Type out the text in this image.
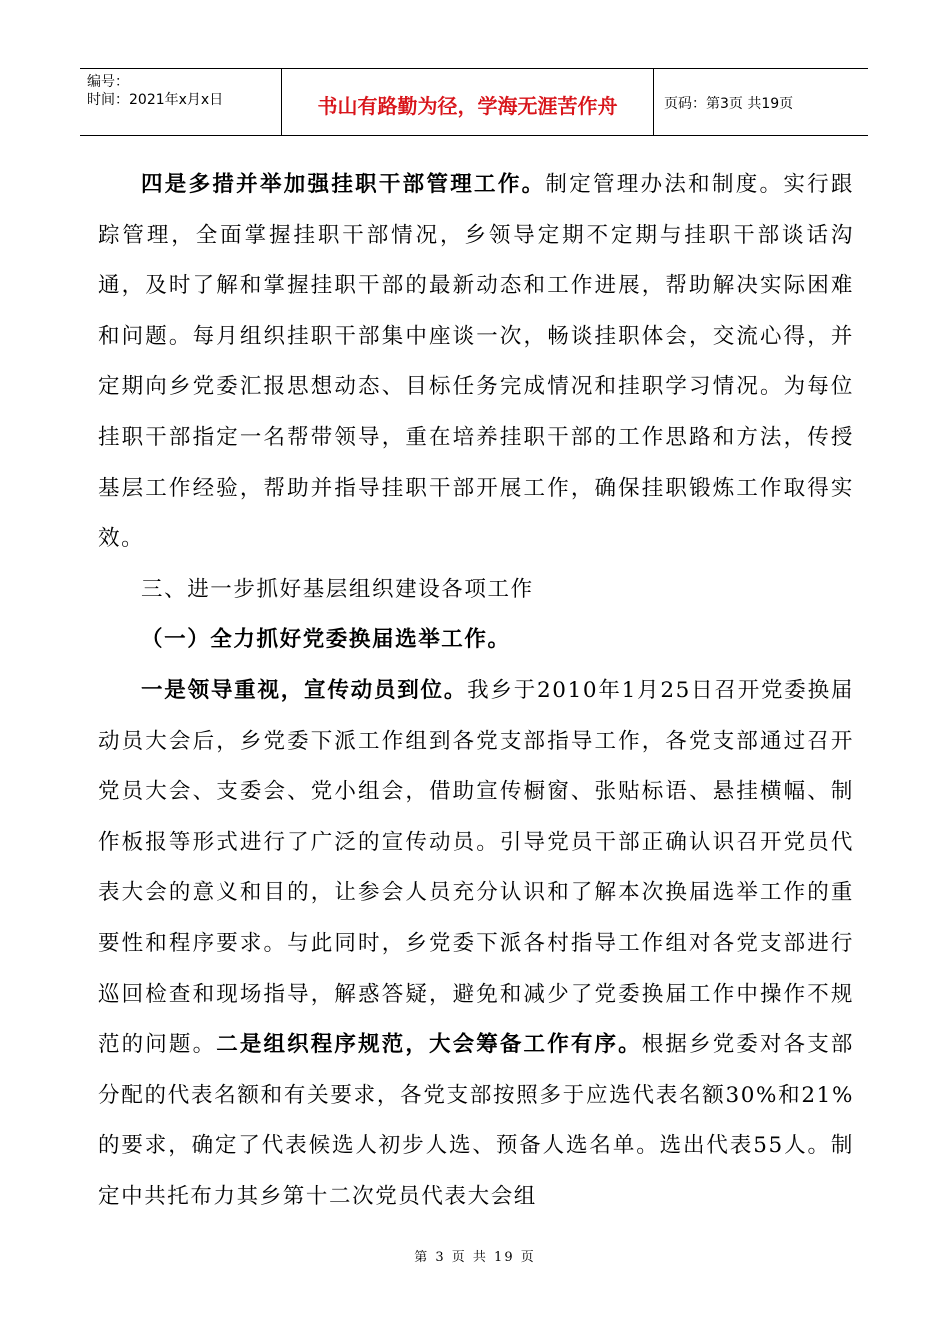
编号：
时间：2021年x月x日	书山有路勤为径，学海无涯苦作舟	页码：第3页 共19页

四是多措并举加强挂职干部管理工作。制定管理办法和制度。实行跟踪管理，全面掌握挂职干部情况，乡领导定期不定期与挂职干部谈话沟通，及时了解和掌握挂职干部的最新动态和工作进展，帮助解决实际困难和问题。每月组织挂职干部集中座谈一次，畅谈挂职体会，交流心得，并定期向乡党委汇报思想动态、目标任务完成情况和挂职学习情况。为每位挂职干部指定一名帮带领导，重在培养挂职干部的工作思路和方法，传授基层工作经验，帮助并指导挂职干部开展工作，确保挂职锻炼工作取得实效。

三、进一步抓好基层组织建设各项工作

（一）全力抓好党委换届选举工作。

一是领导重视，宣传动员到位。我乡于2010年1月25日召开党委换届动员大会后，乡党委下派工作组到各党支部指导工作，各党支部通过召开党员大会、支委会、党小组会，借助宣传橱窗、张贴标语、悬挂横幅、制作板报等形式进行了广泛的宣传动员。引导党员干部正确认识召开党员代表大会的意义和目的，让参会人员充分认识和了解本次换届选举工作的重要性和程序要求。与此同时，乡党委下派各村指导工作组对各党支部进行巡回检查和现场指导，解惑答疑，避免和减少了党委换届工作中操作不规范的问题。二是组织程序规范，大会筹备工作有序。根据乡党委对各支部分配的代表名额和有关要求，各党支部按照多于应选代表名额30%和21%的要求，确定了代表候选人初步人选、预备人选名单。选出代表55人。制定中共托布力其乡第十二次党员代表大会组

第 3 页 共 19 页
